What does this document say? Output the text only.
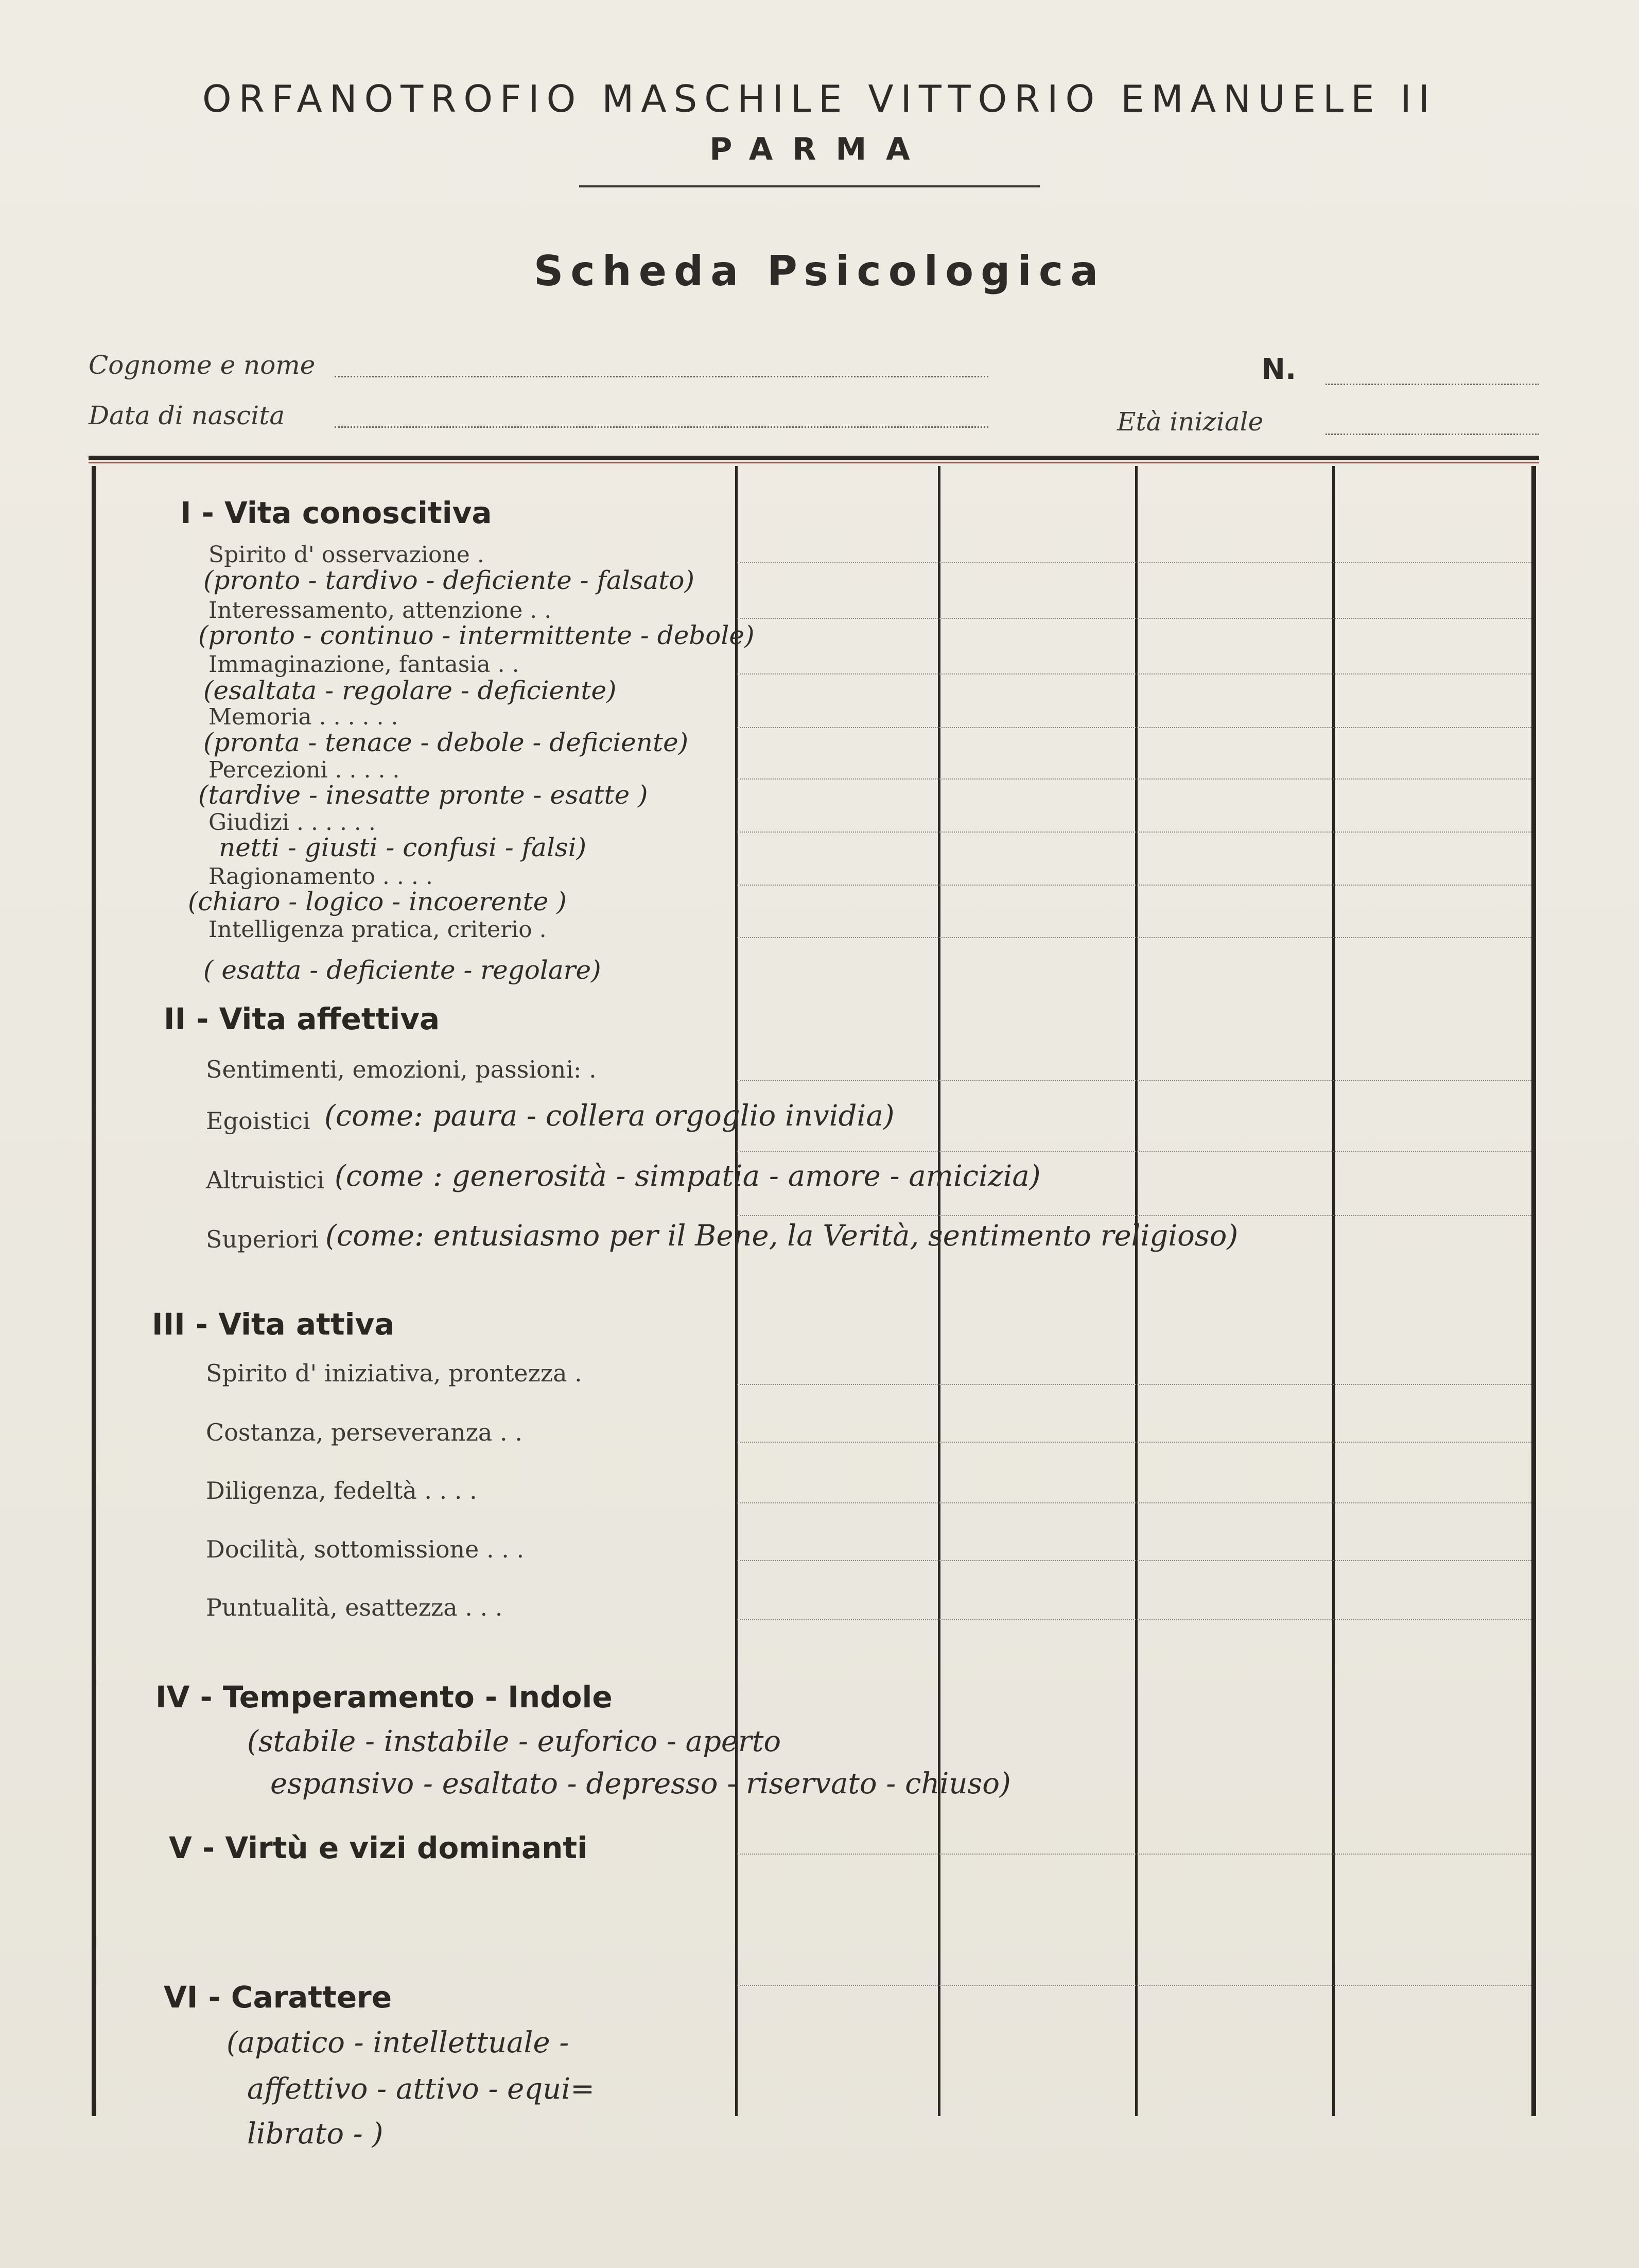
ORFANOTROFIO MASCHILE VITTORIO EMANUELE II
PARMA
Scheda Psicologica
Cognome e nome
Data di nascita
N.
Età iniziale
I - Vita conoscitiva
Spirito d' osservazione .
(pronto - tardivo - deficiente - falsato)
Interessamento, attenzione . .
(pronto - continuo - intermittente - debole)
Immaginazione, fantasia . .
(esaltata - regolare - deficiente)
Memoria . . . . . .
(pronta - tenace - debole - deficiente)
Percezioni . . . . .
(tardive - inesatte pronte - esatte )
Giudizi . . . . . .
netti - giusti - confusi - falsi)
Ragionamento . . . .
(chiaro - logico - incoerente )
Intelligenza pratica, criterio .
( esatta - deficiente - regolare)
II - Vita affettiva
Sentimenti, emozioni, passioni: .
Egoistici (come: paura - collera orgoglio invidia)
Altruistici (come : generosità - simpatia - amore - amicizia)
Superiori (come: entusiasmo per il Bene, la Verità, sentimento religioso)
III - Vita attiva
Spirito d' iniziativa, prontezza .
Costanza, perseveranza . .
Diligenza, fedeltà . . . .
Docilità, sottomissione . . .
Puntualità, esattezza . . .
IV - Temperamento - Indole
(stabile - instabile - euforico - aperto
espansivo - esaltato - depresso - riservato - chiuso)
V - Virtù e vizi dominanti
VI - Carattere
(apatico - intellettuale -
affettivo - attivo - equi=
librato - )
